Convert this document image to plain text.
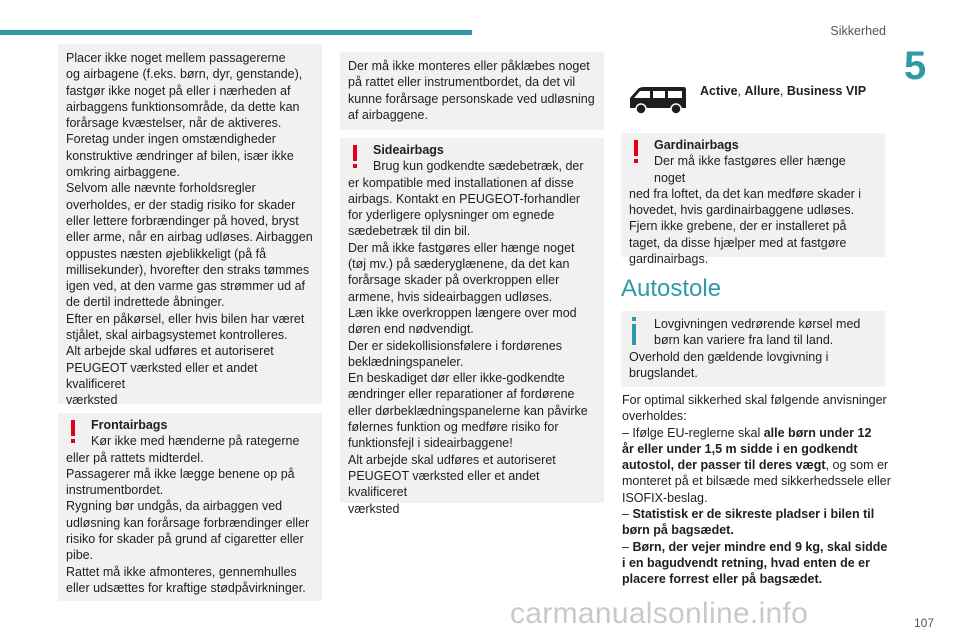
Sikkerhed
5

Placer ikke noget mellem passagererne

og airbagene (f.eks. børn, dyr, genstande),

fastgør ikke noget på eller i nærheden af

airbaggens funktionsområde, da dette kan

forårsage kvæstelser, når de aktiveres.

Foretag under ingen omstændigheder

konstruktive ændringer af bilen, især ikke

omkring airbaggene.

Selvom alle nævnte forholdsregler

overholdes, er der stadig risiko for skader

eller lettere forbrændinger på hoved, bryst

eller arme, når en airbag udløses. Airbaggen

oppustes næsten øjeblikkeligt (på få

millisekunder), hvorefter den straks tømmes

igen ved, at den varme gas strømmer ud af

de dertil indrettede åbninger.

Efter en påkørsel, eller hvis bilen har været

stjålet, skal airbagsystemet kontrolleres.

Alt arbejde skal udføres et autoriseret

PEUGEOT værksted eller et andet kvalificeret

værksted

Frontairbags

Kør ikke med hænderne på rategerne

eller på rattets midterdel.

Passagerer må ikke lægge benene op på

instrumentbordet.

Rygning bør undgås, da airbaggen ved

udløsning kan forårsage forbrændinger eller

risiko for skader på grund af cigaretter eller

pibe.

Rattet må ikke afmonteres, gennemhulles

eller udsættes for kraftige stødpåvirkninger.

Der må ikke monteres eller påklæbes noget

på rattet eller instrumentbordet, da det vil

kunne forårsage personskade ved udløsning

af airbaggene.

Sideairbags

Brug kun godkendte sædebetræk, der

er kompatible med installationen af disse

airbags. Kontakt en PEUGEOT-forhandler

for yderligere oplysninger om egnede

sædebetræk til din bil.

Der må ikke fastgøres eller hænge noget

(tøj mv.) på sæderyglænene, da det kan

forårsage skader på overkroppen eller

armene, hvis sideairbaggen udløses.

Læn ikke overkroppen længere over mod

døren end nødvendigt.

Der er sidekollisionsfølere i fordørenes

beklædningspaneler.

En beskadiget dør eller ikke-godkendte

ændringer eller reparationer af fordørene

eller dørbeklædningspanelerne kan påvirke

følernes funktion og medføre risiko for

funktionsfejl i sideairbaggene!

Alt arbejde skal udføres et autoriseret

PEUGEOT værksted eller et andet kvalificeret

værksted

Active, Allure, Business VIP

Gardinairbags

Der må ikke fastgøres eller hænge noget

ned fra loftet, da det kan medføre skader i

hovedet, hvis gardinairbaggene udløses.

Fjern ikke grebene, der er installeret på

taget, da disse hjælper med at fastgøre

gardinairbags.

Autostole

Lovgivningen vedrørende kørsel med

børn kan variere fra land til land.

Overhold den gældende lovgivning i

brugslandet.

For optimal sikkerhed skal følgende anvisninger

overholdes:

– Ifølge EU-reglerne skal alle børn under 12

år eller under 1,5 m sidde i en godkendt

autostol, der passer til deres vægt, og som er

monteret på et bilsæde med sikkerhedssele eller

ISOFIX-beslag.

– Statistisk er de sikreste pladser i bilen til

børn på bagsædet.

– Børn, der vejer mindre end 9 kg, skal sidde

i en bagudvendt retning, hvad enten de er

placere forrest eller på bagsædet.

carmanualsonline.info	107
